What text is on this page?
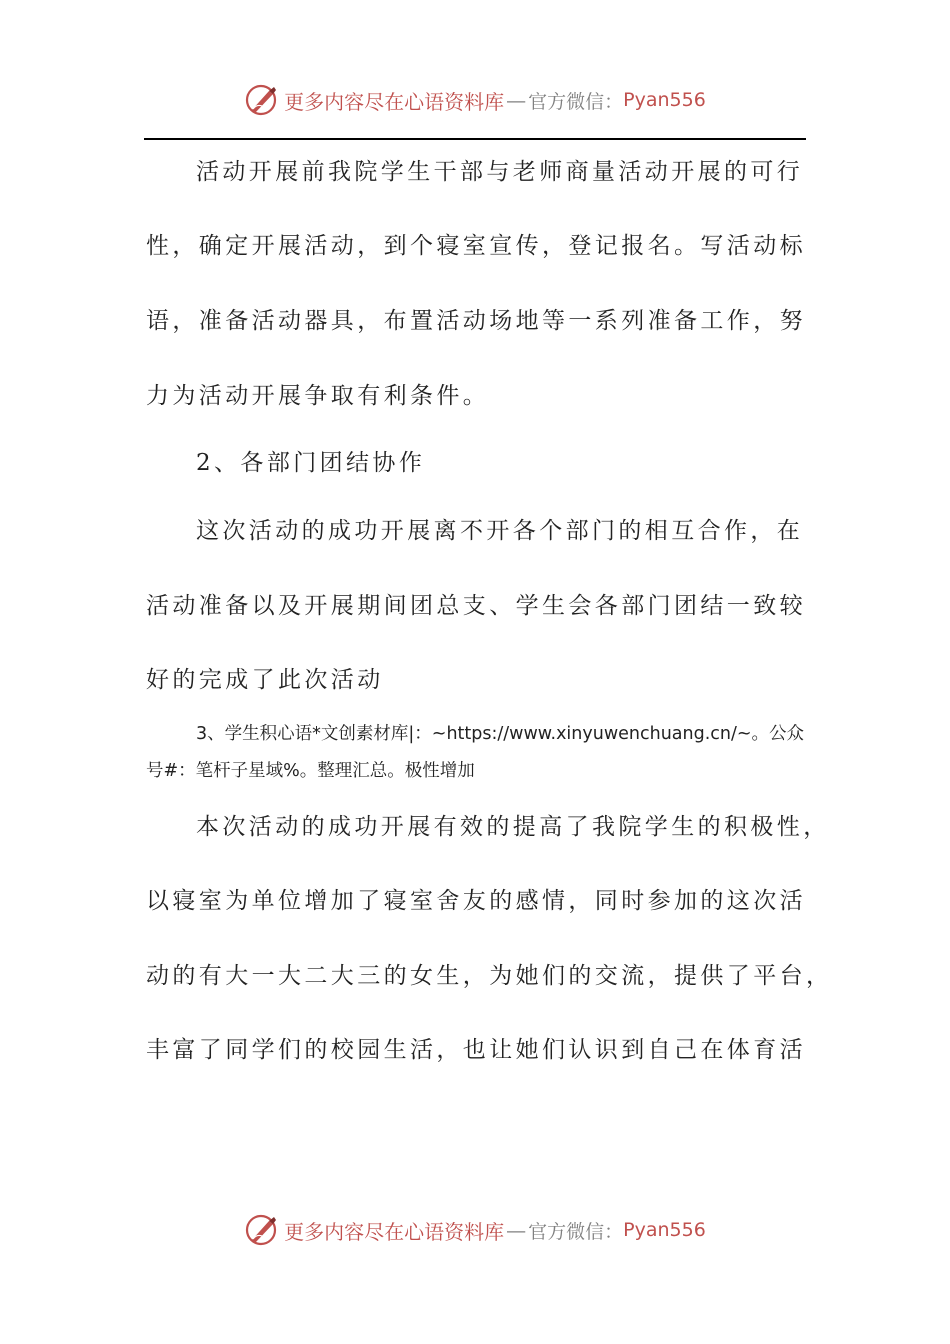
更多内容尽在心语资料库 — 官方微信： Pyan556
活动开展前我院学生干部与老师商量活动开展的可行
性，确定开展活动，到个寝室宣传，登记报名。写活动标
语，准备活动器具，布置活动场地等一系列准备工作，努
力为活动开展争取有利条件。
2、各部门团结协作
这次活动的成功开展离不开各个部门的相互合作，在
活动准备以及开展期间团总支、学生会各部门团结一致较
好的完成了此次活动
3、学生积心语*文创素材库|：~https://www.xinyuwenchuang.cn/~。公众
号#：笔杆子星域%。整理汇总。极性增加
本次活动的成功开展有效的提高了我院学生的积极性，
以寝室为单位增加了寝室舍友的感情，同时参加的这次活
动的有大一大二大三的女生，为她们的交流，提供了平台，
丰富了同学们的校园生活，也让她们认识到自己在体育活
更多内容尽在心语资料库 — 官方微信： Pyan556
